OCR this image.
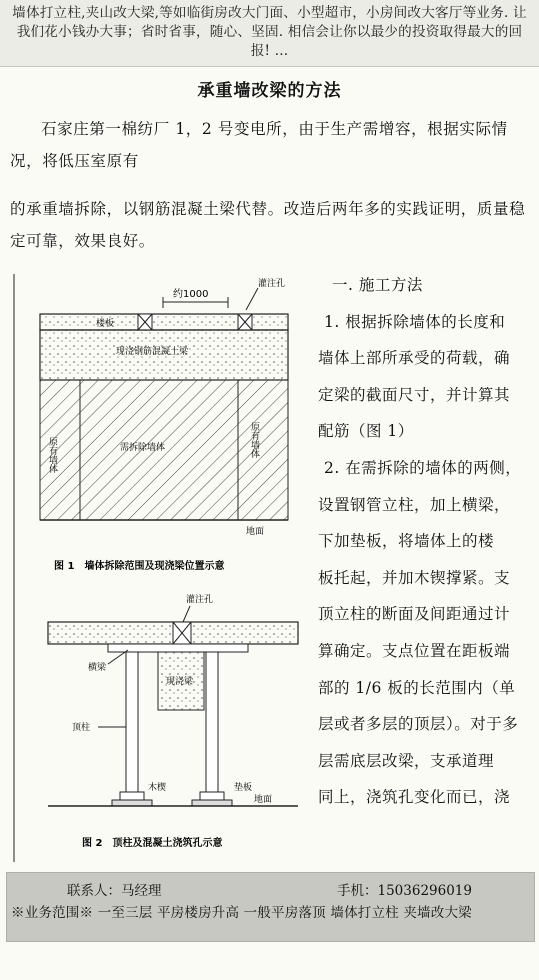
墙体打立柱,夹山改大梁,等如临街房改大门面、小型超市，小房间改大客厅等业务. 让我们花小钱办大事；省时省事，随心、坚固. 相信会让你以最少的投资取得最大的回报! ...
承重墙改梁的方法
石家庄第一棉纺厂 1，2 号变电所，由于生产需增容，根据实际情况，将低压室原有
的承重墙拆除，以钢筋混凝土梁代替。改造后两年多的实践证明，质量稳定可靠，效果良好。
约1000
灌注孔
楼板
现浇钢筋混凝土梁
原有墙体	需拆除墙体	原有墙体
地面
图 1　墙体拆除范围及现浇梁位置示意
灌注孔
横梁
现浇梁
顶柱
木楔	垫板
地面
图 2　顶柱及混凝土浇筑孔示意
一. 施工方法
1. 根据拆除墙体的长度和
墙体上部所承受的荷载，确
定梁的截面尺寸，并计算其
配筋（图 1）
2. 在需拆除的墙体的两侧，
设置钢管立柱，加上横梁，
下加垫板，将墙体上的楼
板托起，并加木锲撑紧。支
顶立柱的断面及间距通过计
算确定。支点位置在距板端
部的 1/6 板的长范围内（单
层或者多层的顶层）。对于多
层需底层改梁，支承道理
同上，浇筑孔变化而已，浇
联系人：马经理	手机：15036296019
※业务范围※ 一至三层 平房楼房升高 一般平房落顶 墙体打立柱 夹墙改大梁
